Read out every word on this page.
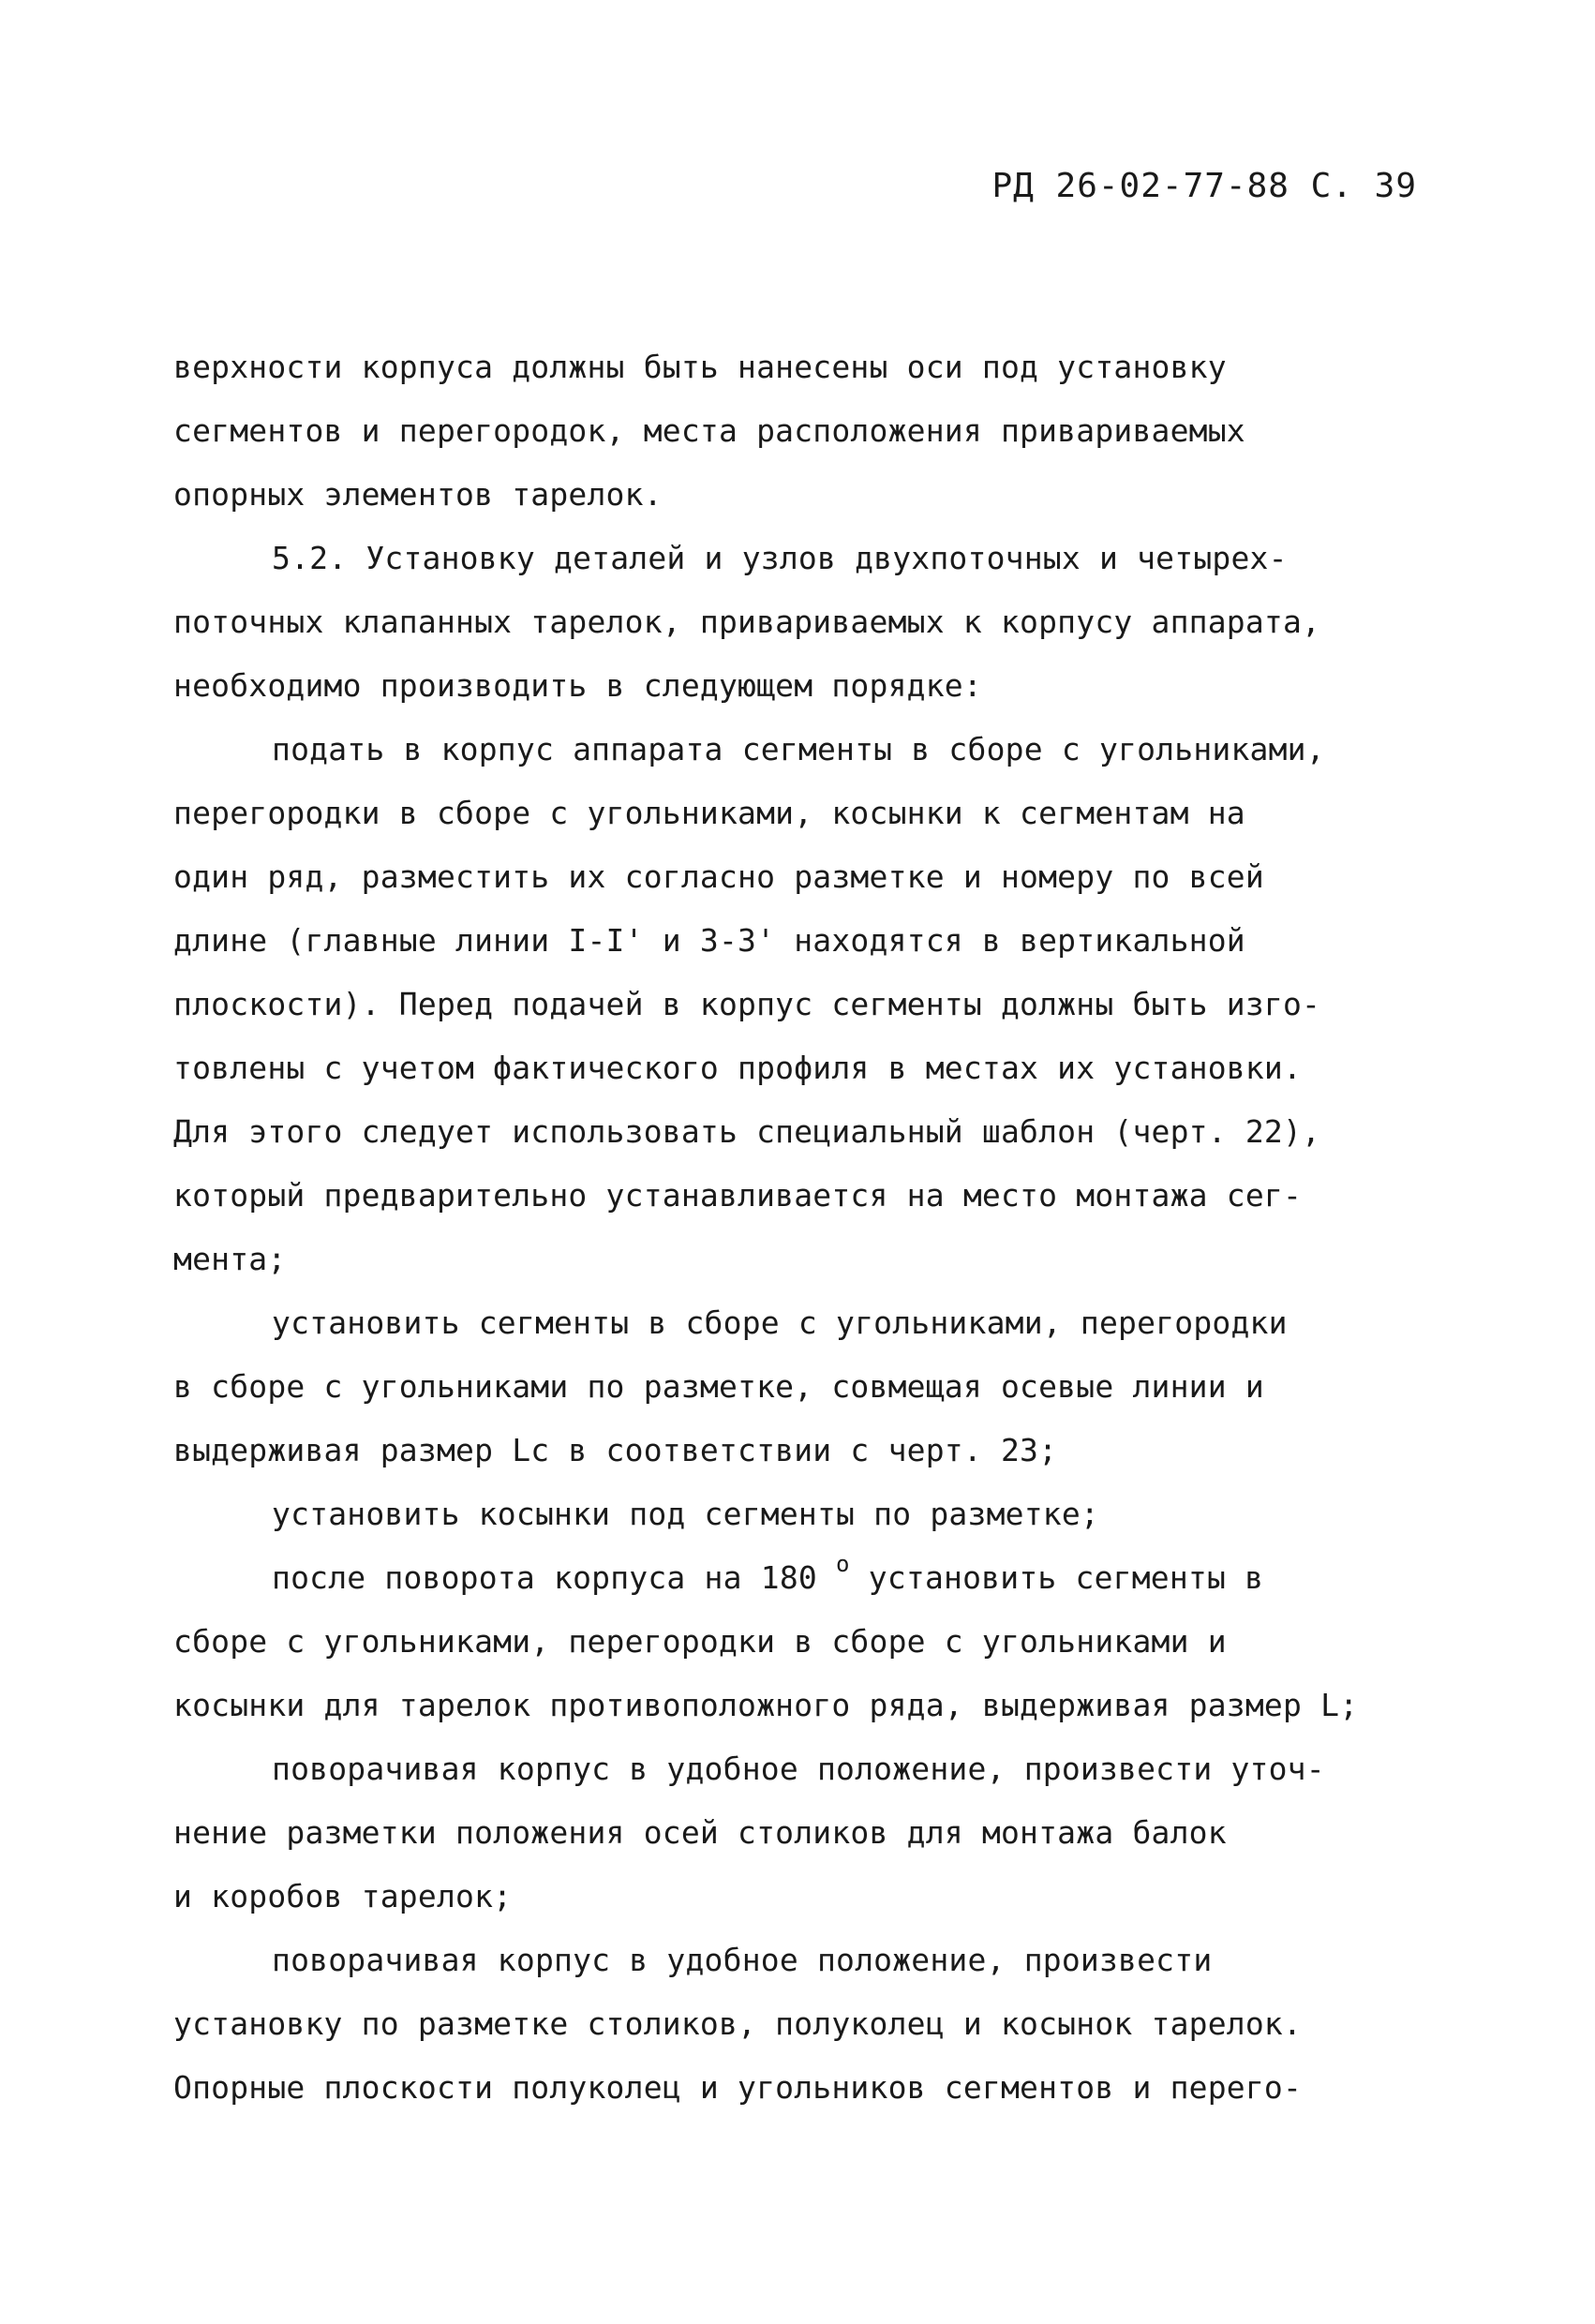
РД 26-02-77-88 С. 39
верхности корпуса должны быть нанесены оси под установку
сегментов и перегородок, места расположения привариваемых
опорных элементов тарелок.
5.2. Установку деталей и узлов двухпоточных и четырех-
поточных клапанных тарелок, привариваемых к корпусу аппарата,
необходимо производить в следующем порядке:
подать в корпус аппарата сегменты в сборе с угольниками,
перегородки в сборе с угольниками, косынки к сегментам на
один ряд, разместить их согласно разметке и номеру по всей
длине (главные линии I-I' и 3-3' находятся в вертикальной
плоскости). Перед подачей в корпус сегменты должны быть изго-
товлены с учетом фактического профиля в местах их установки.
Для этого следует использовать специальный шаблон (черт. 22),
который предварительно устанавливается на место монтажа сег-
мента;
установить сегменты в сборе с угольниками, перегородки
в сборе с угольниками по разметке, совмещая осевые линии и
выдерживая размер Lc в соответствии с черт. 23;
установить косынки под сегменты по разметке;
после поворота корпуса на 180 $^о$ установить сегменты в
сборе с угольниками, перегородки в сборе с угольниками и
косынки для тарелок противоположного ряда, выдерживая размер L;
поворачивая корпус в удобное положение, произвести уточ-
нение разметки положения осей столиков для монтажа балок
и коробов тарелок;
поворачивая корпус в удобное положение, произвести
установку по разметке столиков, полуколец и косынок тарелок.
Опорные плоскости полуколец и угольников сегментов и перего-
